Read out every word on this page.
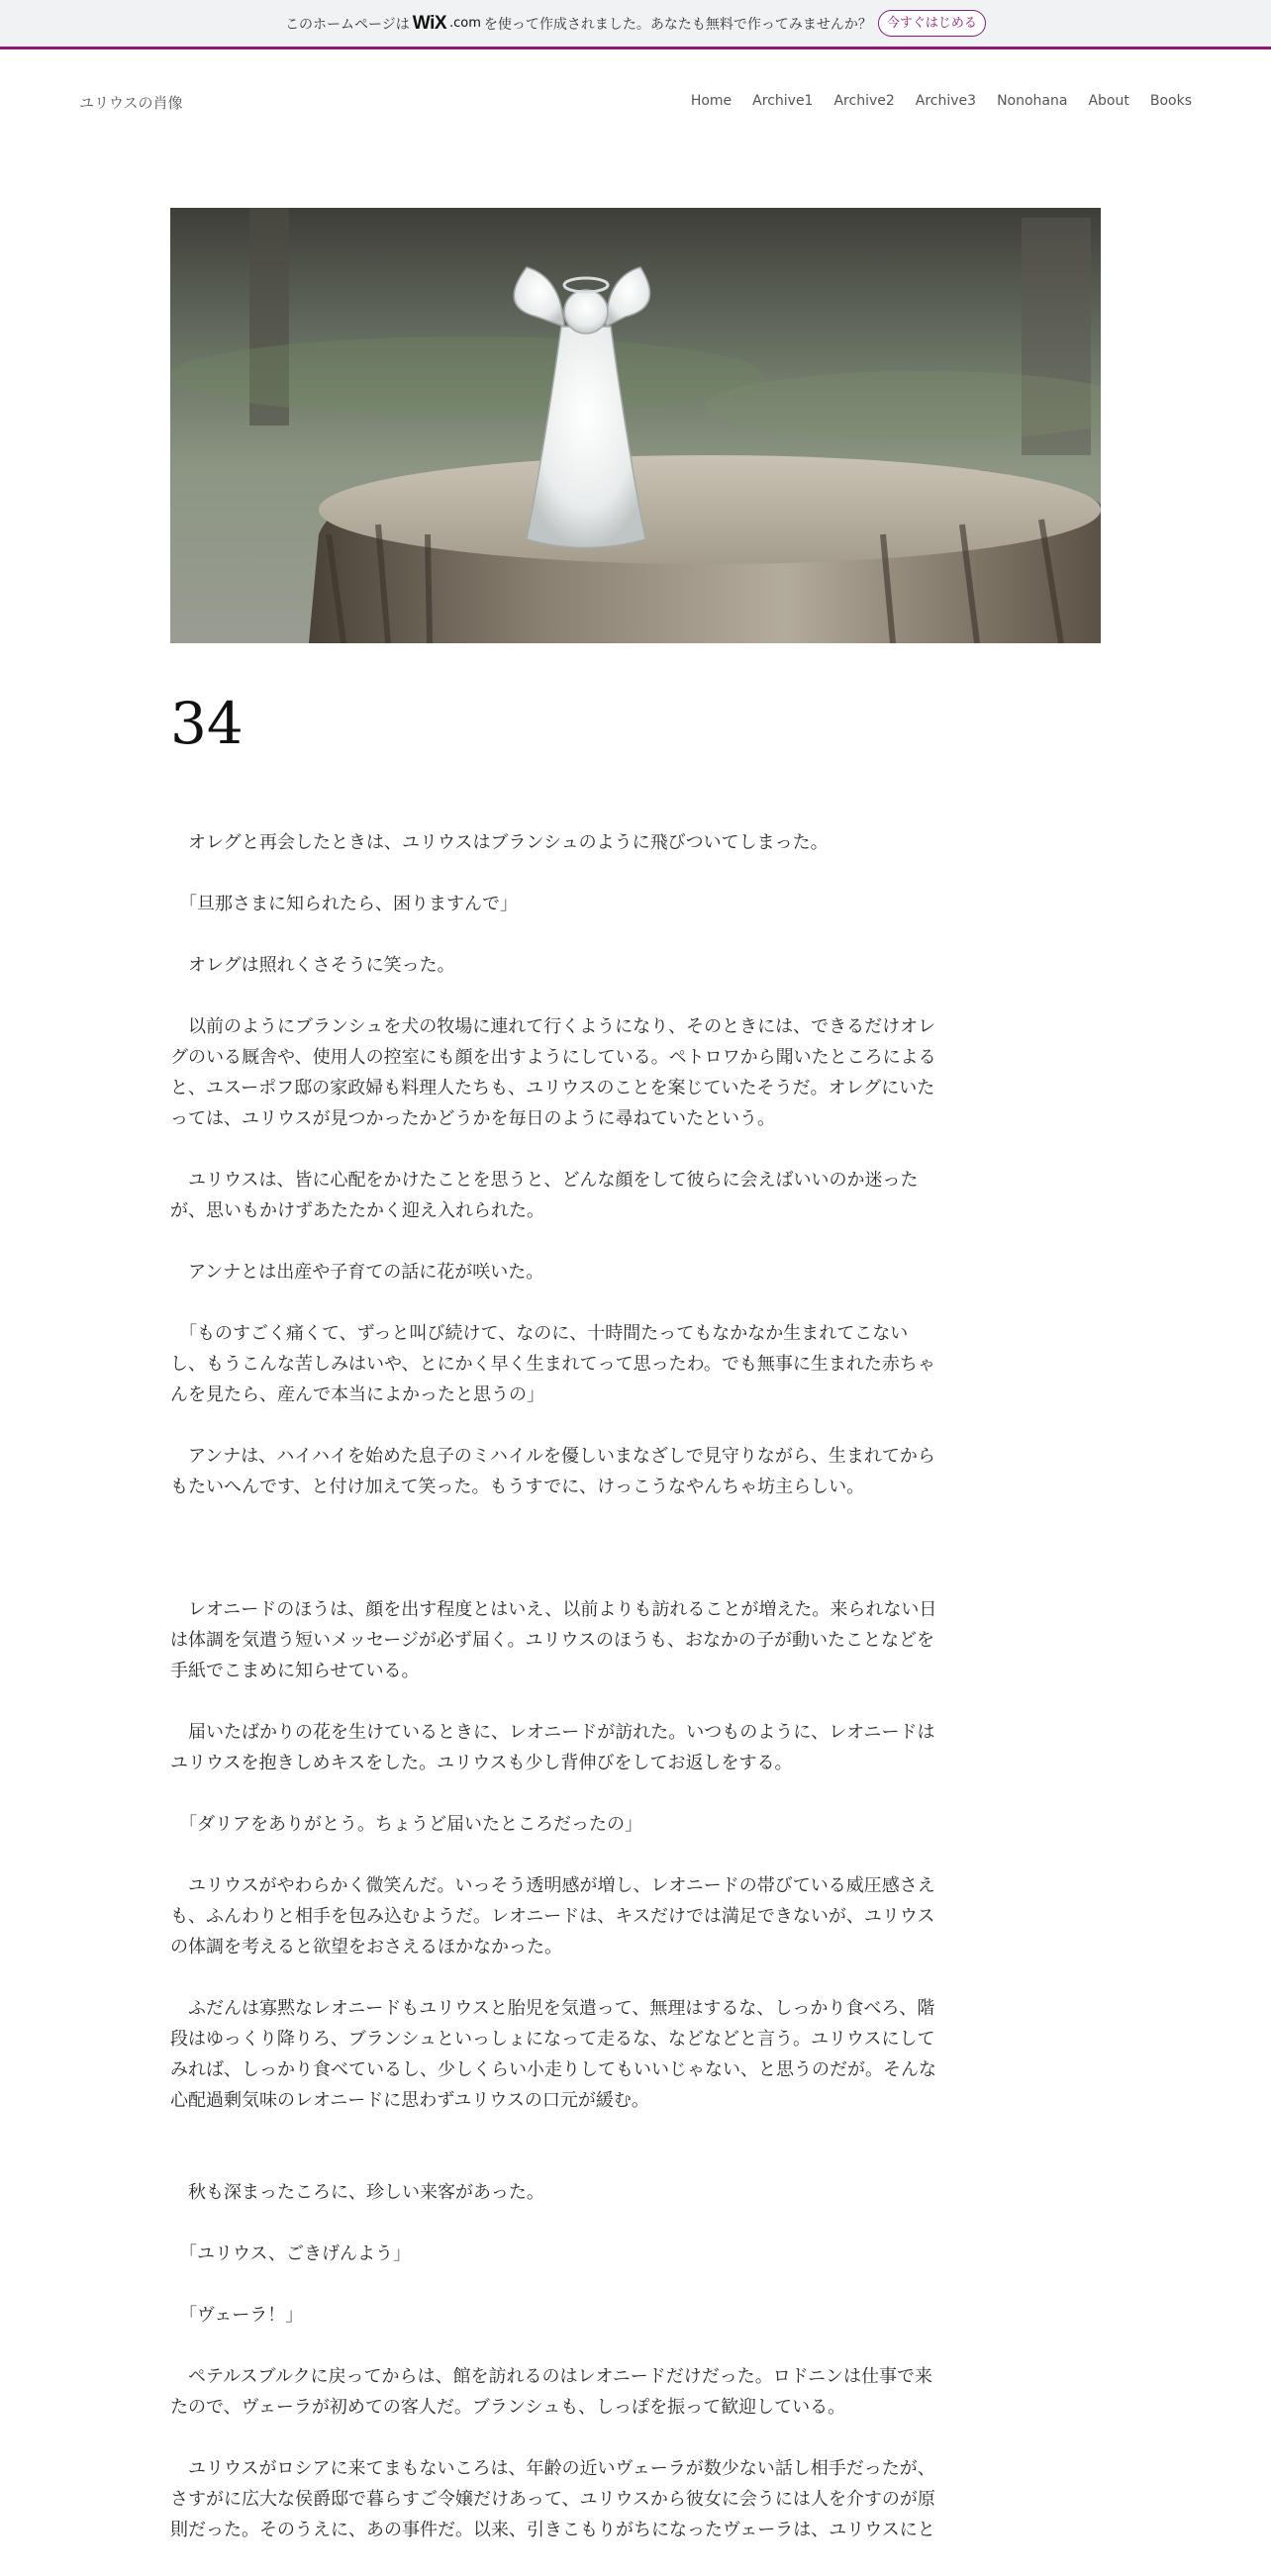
このホームページは WiX .com を使って作成されました。あなたも無料で作ってみませんか？	今すぐはじめる
ユリウスの肖像	Home Archive1 Archive2 Archive3 Nonohana About Books
34

オレグと再会したときは、ユリウスはブランシュのように飛びついてしまった。

「旦那さまに知られたら、困りますんで」

オレグは照れくさそうに笑った。

以前のようにブランシュを犬の牧場に連れて行くようになり、そのときには、できるだけオレグのいる厩舎や、使用人の控室にも顔を出すようにしている。ペトロワから聞いたところによると、ユスーポフ邸の家政婦も料理人たちも、ユリウスのことを案じていたそうだ。オレグにいたっては、ユリウスが見つかったかどうかを毎日のように尋ねていたという。

ユリウスは、皆に心配をかけたことを思うと、どんな顔をして彼らに会えばいいのか迷ったが、思いもかけずあたたかく迎え入れられた。

アンナとは出産や子育ての話に花が咲いた。

「ものすごく痛くて、ずっと叫び続けて、なのに、十時間たってもなかなか生まれてこないし、もうこんな苦しみはいや、とにかく早く生まれてって思ったわ。でも無事に生まれた赤ちゃんを見たら、産んで本当によかったと思うの」

アンナは、ハイハイを始めた息子のミハイルを優しいまなざしで見守りながら、生まれてからもたいへんです、と付け加えて笑った。もうすでに、けっこうなやんちゃ坊主らしい。

レオニードのほうは、顔を出す程度とはいえ、以前よりも訪れることが増えた。来られない日は体調を気遣う短いメッセージが必ず届く。ユリウスのほうも、おなかの子が動いたことなどを手紙でこまめに知らせている。

届いたばかりの花を生けているときに、レオニードが訪れた。いつものように、レオニードはユリウスを抱きしめキスをした。ユリウスも少し背伸びをしてお返しをする。

「ダリアをありがとう。ちょうど届いたところだったの」

ユリウスがやわらかく微笑んだ。いっそう透明感が増し、レオニードの帯びている威圧感さえも、ふんわりと相手を包み込むようだ。レオニードは、キスだけでは満足できないが、ユリウスの体調を考えると欲望をおさえるほかなかった。

ふだんは寡黙なレオニードもユリウスと胎児を気遣って、無理はするな、しっかり食べろ、階段はゆっくり降りろ、ブランシュといっしょになって走るな、などなどと言う。ユリウスにしてみれば、しっかり食べているし、少しくらい小走りしてもいいじゃない、と思うのだが。そんな心配過剰気味のレオニードに思わずユリウスの口元が緩む。

秋も深まったころに、珍しい来客があった。

「ユリウス、ごきげんよう」

「ヴェーラ！」

ペテルスブルクに戻ってからは、館を訪れるのはレオニードだけだった。ロドニンは仕事で来たので、ヴェーラが初めての客人だ。ブランシュも、しっぽを振って歓迎している。

ユリウスがロシアに来てまもないころは、年齢の近いヴェーラが数少ない話し相手だったが、さすがに広大な侯爵邸で暮らすご令嬢だけあって、ユリウスから彼女に会うには人を介すのが原則だった。そのうえに、あの事件だ。以来、引きこもりがちになったヴェーラは、ユリウスにと
